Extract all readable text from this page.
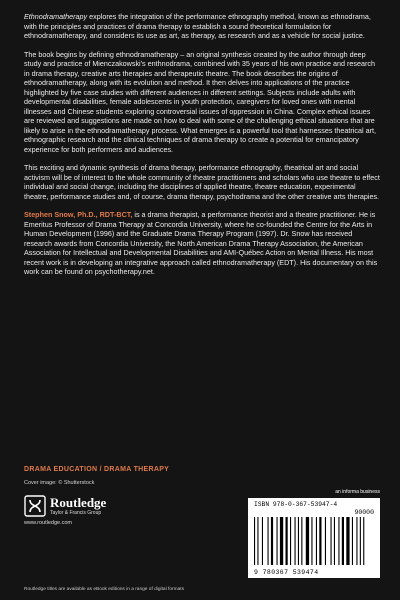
Ethnodramatherapy explores the integration of the performance ethnography method, known as ethnodrama, with the principles and practices of drama therapy to establish a sound theoretical formulation for ethnodramatherapy, and considers its use as art, as therapy, as research and as a vehicle for social justice.

The book begins by defining ethnodramatherapy – an original synthesis created by the author through deep study and practice of Mienczakowski's enthnodrama, combined with 35 years of his own practice and research in drama therapy, creative arts therapies and therapeutic theatre. The book describes the origins of ethnodramatherapy, along with its evolution and method. It then delves into applications of the practice highlighted by five case studies with different audiences in different settings. Subjects include adults with developmental disabilities, female adolescents in youth protection, caregivers for loved ones with mental illnesses and Chinese students exploring controversial issues of oppression in China. Complex ethical issues are reviewed and suggestions are made on how to deal with some of the challenging ethical situations that are likely to arise in the ethnodramatherapy process. What emerges is a powerful tool that harnesses theatrical art, ethnographic research and the clinical techniques of drama therapy to create a potential for emancipatory experience for both performers and audiences.

This exciting and dynamic synthesis of drama therapy, performance ethnography, theatrical art and social activism will be of interest to the whole community of theatre practitioners and scholars who use theatre to effect individual and social change, including the disciplines of applied theatre, theatre education, experimental theatre, performance studies and, of course, drama therapy, psychodrama and the other creative arts therapies.

Stephen Snow, Ph.D., RDT-BCT, is a drama therapist, a performance theorist and a theatre practitioner. He is Emeritus Professor of Drama Therapy at Concordia University, where he co-founded the Centre for the Arts in Human Development (1996) and the Graduate Drama Therapy Program (1997). Dr. Snow has received research awards from Concordia University, the North American Drama Therapy Association, the American Association for Intellectual and Developmental Disabilities and AMI-Québec Action on Mental Illness. His most recent work is in developing an integrative approach called ethnodramatherapy (EDT). His documentary on this work can be found on psychotherapy.net.

DRAMA EDUCATION / DRAMA THERAPY
Cover image: © Shutterstock
Routledge
Taylor & Francis Group
www.routledge.com
an informa business
ISBN 978-0-367-53947-4
90000
9 780367 539474
Routledge titles are available as eBook editions in a range of digital formats
